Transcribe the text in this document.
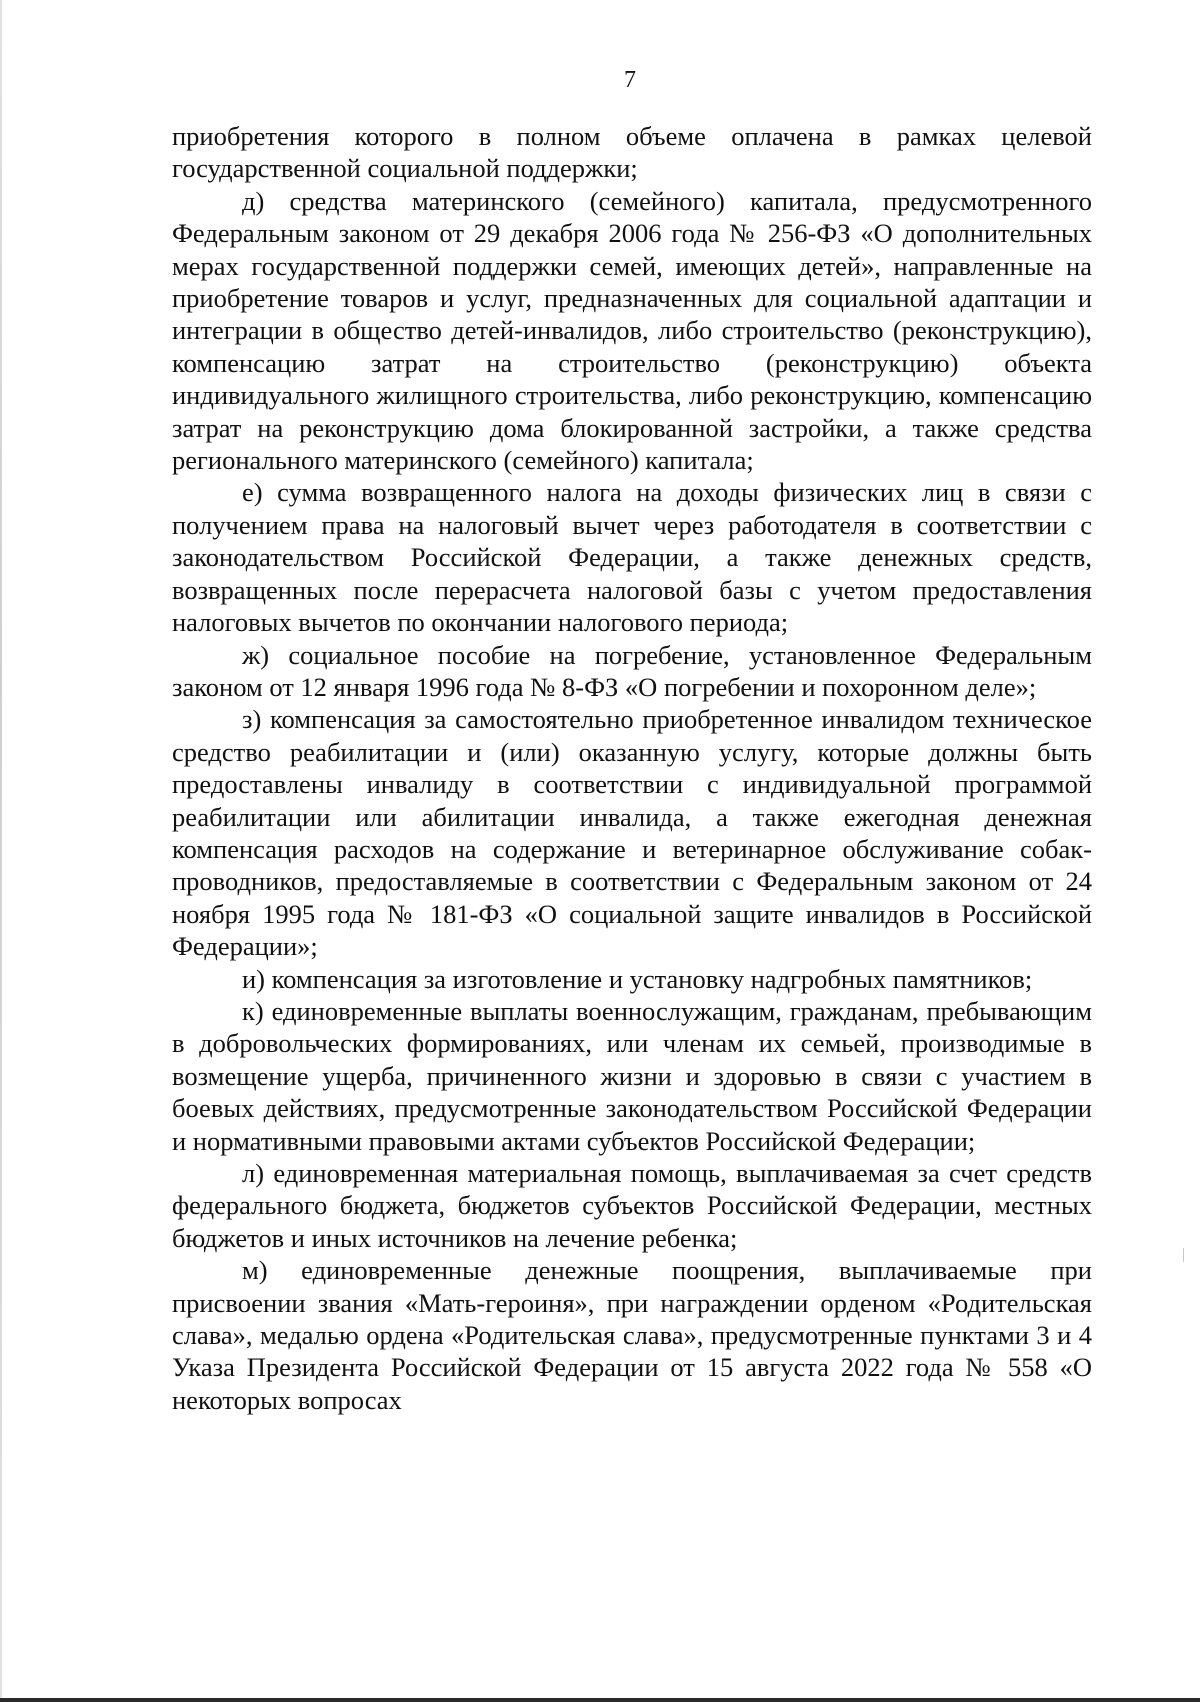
7

приобретения которого в полном объеме оплачена в рамках целевой государственной социальной поддержки;

д) средства материнского (семейного) капитала, предусмотренного Федеральным законом от 29 декабря 2006 года № 256-ФЗ «О дополнительных мерах государственной поддержки семей, имеющих детей», направленные на приобретение товаров и услуг, предназначенных для социальной адаптации и интеграции в общество детей-инвалидов, либо строительство (реконструкцию), компенсацию затрат на строительство (реконструкцию) объекта индивидуального жилищного строительства, либо реконструкцию, компенсацию затрат на реконструкцию дома блокированной застройки, а также средства регионального материнского (семейного) капитала;

е) сумма возвращенного налога на доходы физических лиц в связи с получением права на налоговый вычет через работодателя в соответствии с законодательством Российской Федерации, а также денежных средств, возвращенных после перерасчета налоговой базы с учетом предоставления налоговых вычетов по окончании налогового периода;

ж) социальное пособие на погребение, установленное Федеральным законом от 12 января 1996 года № 8-ФЗ «О погребении и похоронном деле»;

з) компенсация за самостоятельно приобретенное инвалидом техническое средство реабилитации и (или) оказанную услугу, которые должны быть предоставлены инвалиду в соответствии с индивидуальной программой реабилитации или абилитации инвалида, а также ежегодная денежная компенсация расходов на содержание и ветеринарное обслуживание собак-проводников, предоставляемые в соответствии с Федеральным законом от 24 ноября 1995 года № 181-ФЗ «О социальной защите инвалидов в Российской Федерации»;

и) компенсация за изготовление и установку надгробных памятников;

к) единовременные выплаты военнослужащим, гражданам, пребывающим в добровольческих формированиях, или членам их семьей, производимые в возмещение ущерба, причиненного жизни и здоровью в связи с участием в боевых действиях, предусмотренные законодательством Российской Федерации и нормативными правовыми актами субъектов Российской Федерации;

л) единовременная материальная помощь, выплачиваемая за счет средств федерального бюджета, бюджетов субъектов Российской Федерации, местных бюджетов и иных источников на лечение ребенка;

м) единовременные денежные поощрения, выплачиваемые при присвоении звания «Мать-героиня», при награждении орденом «Родительская слава», медалью ордена «Родительская слава», предусмотренные пунктами 3 и 4 Указа Президента Российской Федерации от 15 августа 2022 года № 558 «О некоторых вопросах
